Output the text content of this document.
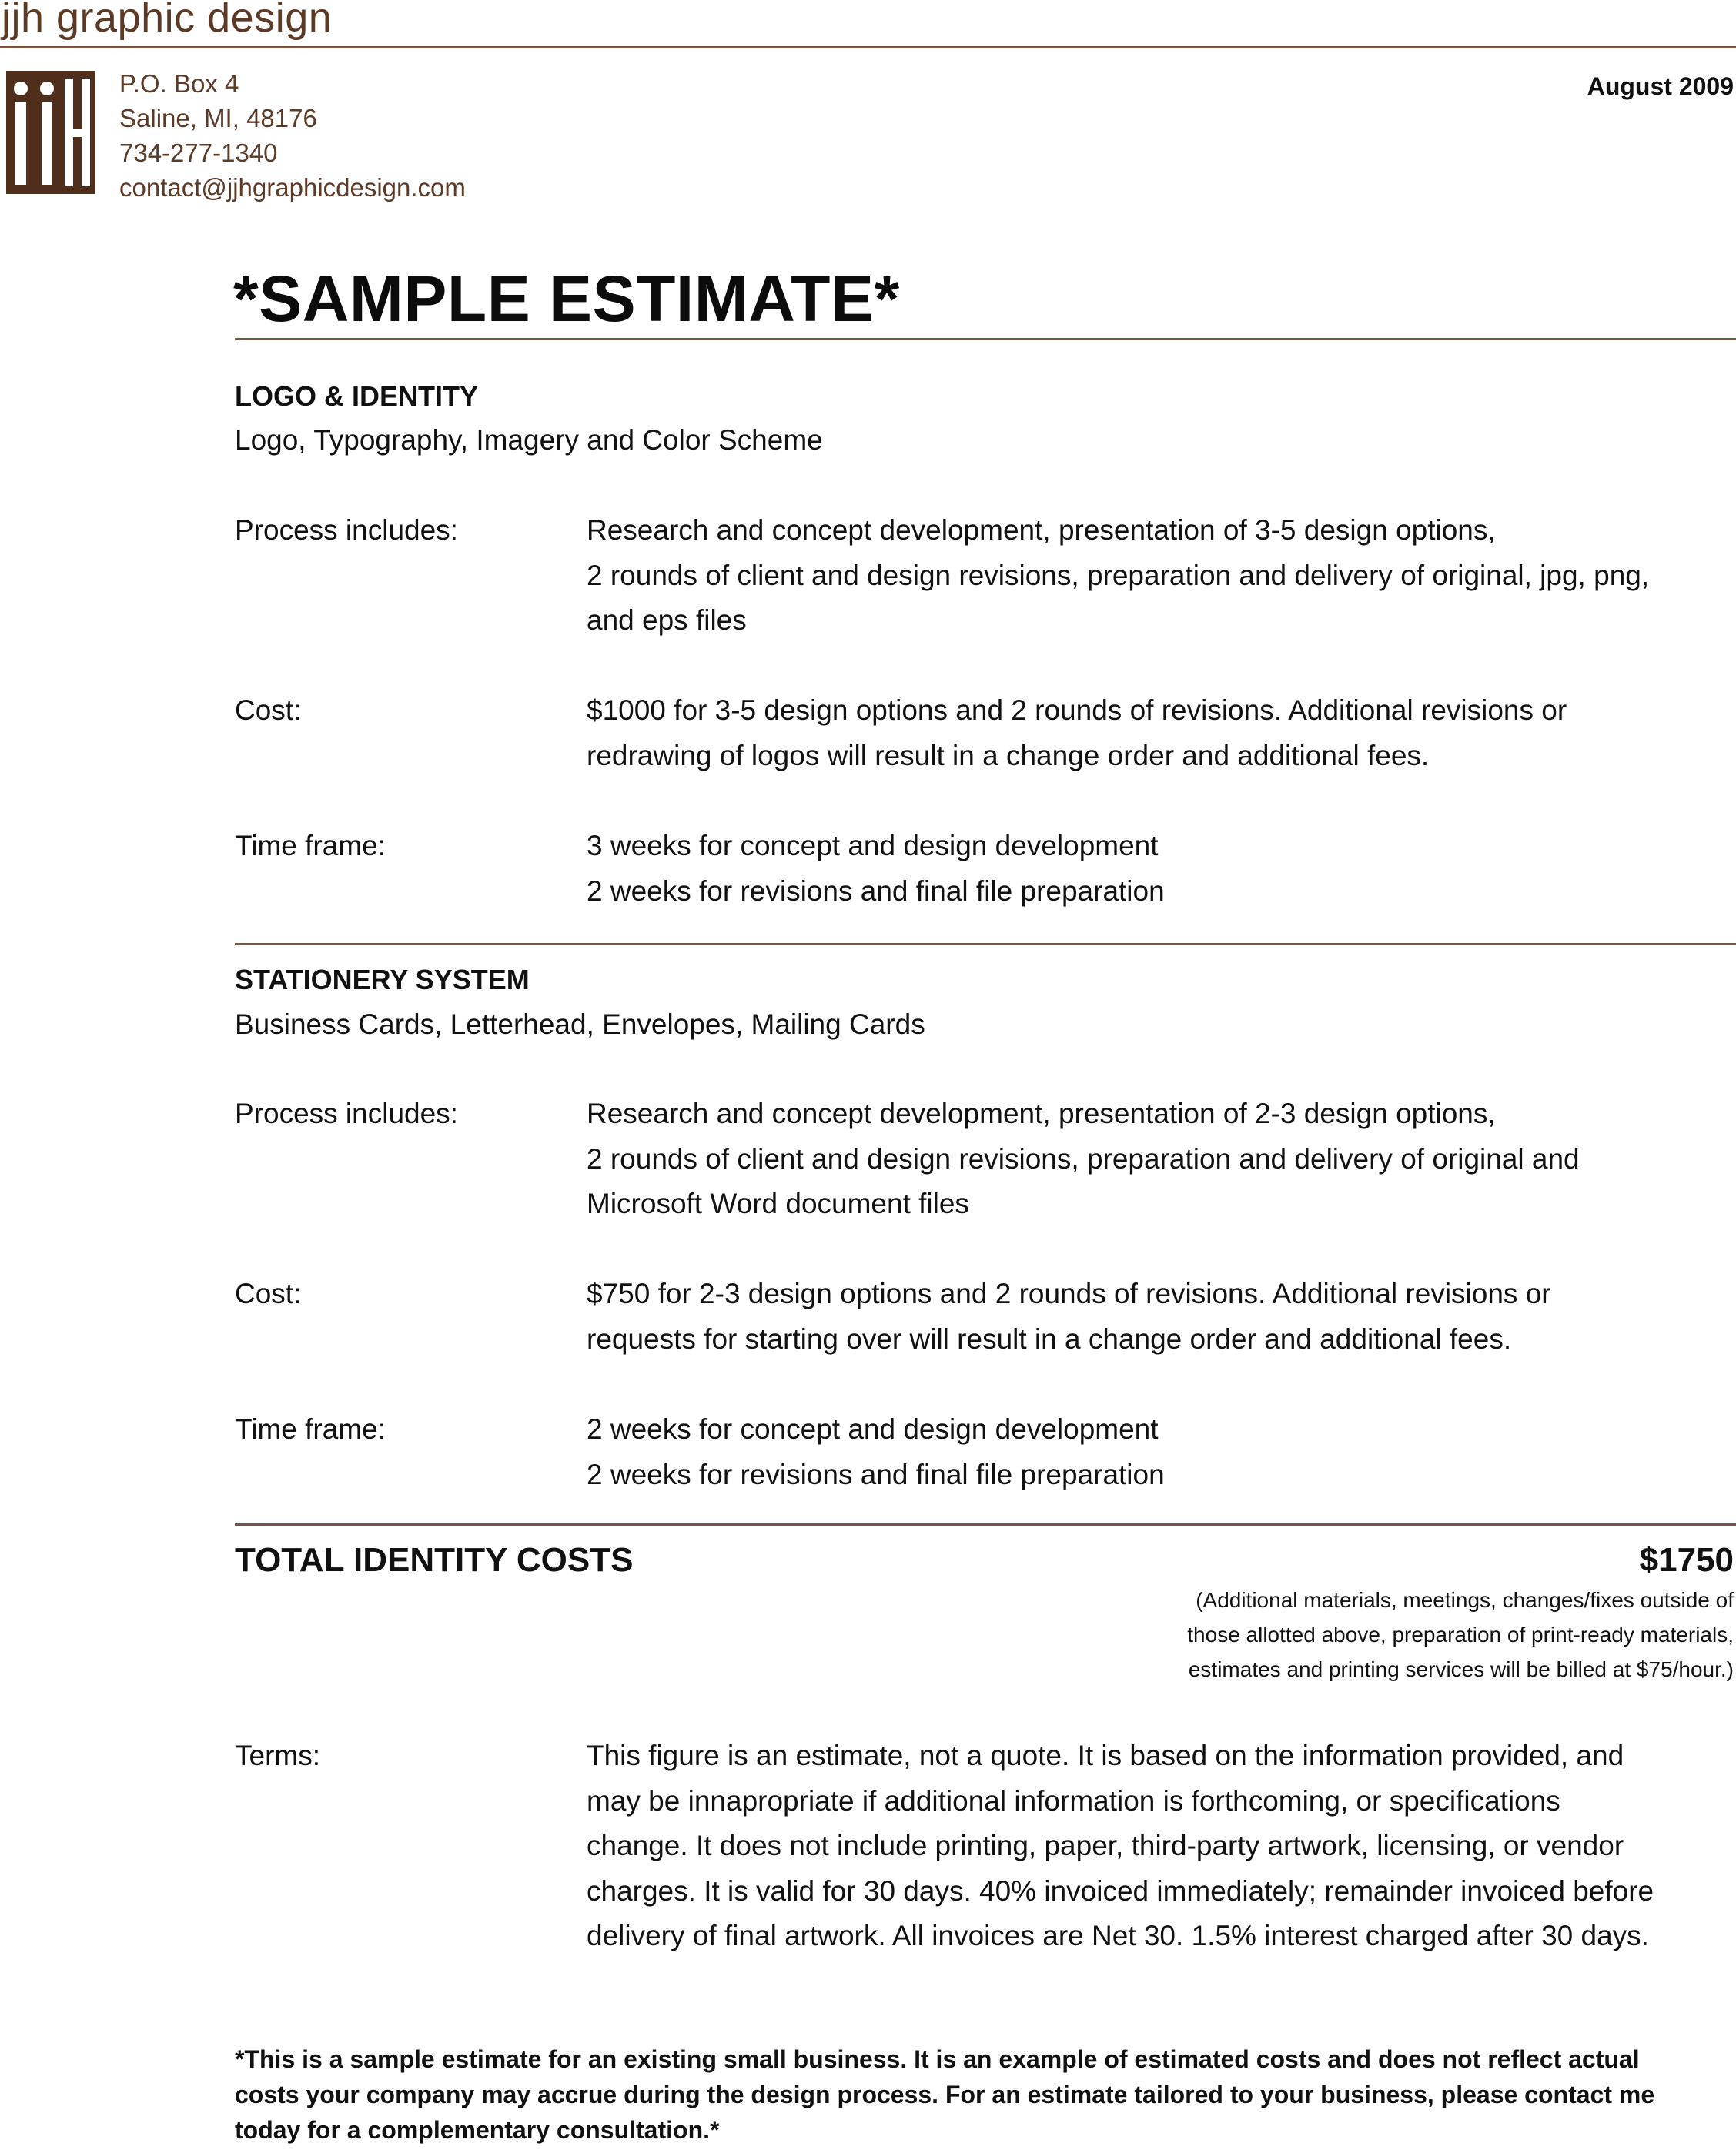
jjh graphic design
P.O. Box 4
Saline, MI, 48176
734-277-1340
contact@jjhgraphicdesign.com
August 2009
*SAMPLE ESTIMATE*
LOGO & IDENTITY
Logo, Typography, Imagery and Color Scheme
Process includes:	Research and concept development, presentation of 3-5 design options,
2 rounds of client and design revisions, preparation and delivery of original, jpg, png,
and eps files
Cost:	$1000 for 3-5 design options and 2 rounds of revisions. Additional revisions or
redrawing of logos will result in a change order and additional fees.
Time frame:	3 weeks for concept and design development
2 weeks for revisions and final file preparation
STATIONERY SYSTEM
Business Cards, Letterhead, Envelopes, Mailing Cards
Process includes:	Research and concept development, presentation of 2-3 design options,
2 rounds of client and design revisions, preparation and delivery of original and
Microsoft Word document files
Cost:	$750 for 2-3 design options and 2 rounds of revisions. Additional revisions or
requests for starting over will result in a change order and additional fees.
Time frame:	2 weeks for concept and design development
2 weeks for revisions and final file preparation
TOTAL IDENTITY COSTS	$1750
(Additional materials, meetings, changes/fixes outside of
those allotted above, preparation of print-ready materials,
estimates and printing services will be billed at $75/hour.)
Terms:	This figure is an estimate, not a quote. It is based on the information provided, and
may be innapropriate if additional information is forthcoming, or specifications
change. It does not include printing, paper, third-party artwork, licensing, or vendor
charges. It is valid for 30 days. 40% invoiced immediately; remainder invoiced before
delivery of final artwork. All invoices are Net 30. 1.5% interest charged after 30 days.
*This is a sample estimate for an existing small business. It is an example of estimated costs and does not reflect actual
costs your company may accrue during the design process. For an estimate tailored to your business, please contact me
today for a complementary consultation.*
